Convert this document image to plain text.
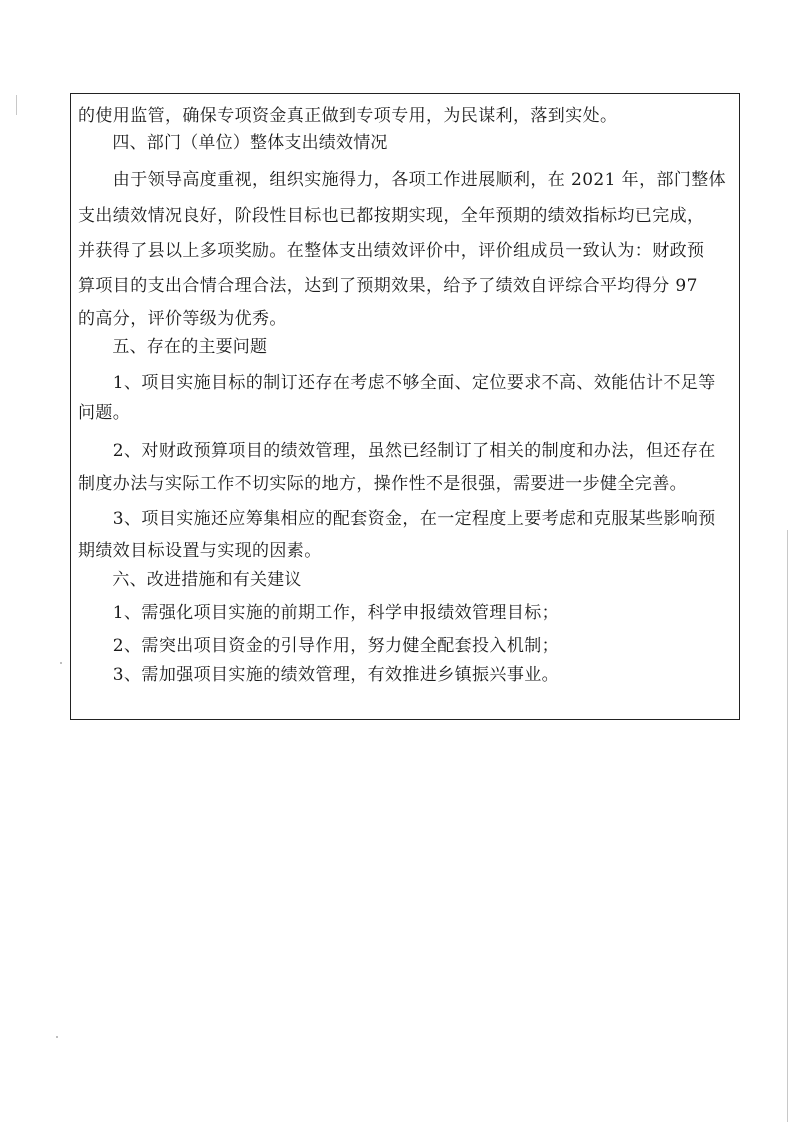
的使用监管，确保专项资金真正做到专项专用，为民谋利，落到实处。
　　四、部门（单位）整体支出绩效情况
　　由于领导高度重视，组织实施得力，各项工作进展顺利，在 2021 年，部门整体
支出绩效情况良好，阶段性目标也已都按期实现，全年预期的绩效指标均已完成，
并获得了县以上多项奖励。在整体支出绩效评价中，评价组成员一致认为：财政预
算项目的支出合情合理合法，达到了预期效果，给予了绩效自评综合平均得分 97
的高分，评价等级为优秀。
　　五、存在的主要问题
　　1、项目实施目标的制订还存在考虑不够全面、定位要求不高、效能估计不足等
问题。
　　2、对财政预算项目的绩效管理，虽然已经制订了相关的制度和办法，但还存在
制度办法与实际工作不切实际的地方，操作性不是很强，需要进一步健全完善。
　　3、项目实施还应筹集相应的配套资金，在一定程度上要考虑和克服某些影响预
期绩效目标设置与实现的因素。
　　六、改进措施和有关建议
　　1、需强化项目实施的前期工作，科学申报绩效管理目标；
　　2、需突出项目资金的引导作用，努力健全配套投入机制；
　　3、需加强项目实施的绩效管理，有效推进乡镇振兴事业。
